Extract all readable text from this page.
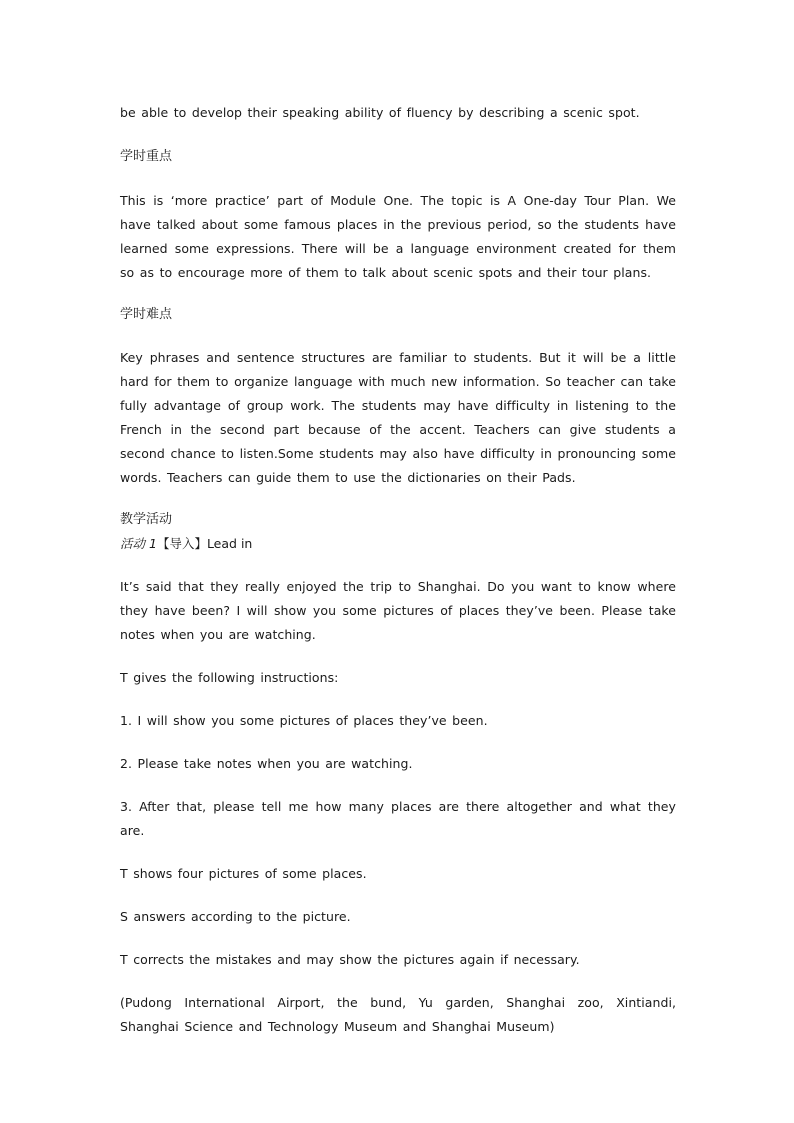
be able to develop their speaking ability of fluency by describing a scenic spot.

学时重点

This is ‘more practice’ part of Module One. The topic is A One-day Tour Plan. We have talked about some famous places in the previous period, so the students have learned some expressions. There will be a language environment created for them so as to encourage more of them to talk about scenic spots and their tour plans.

学时难点

Key phrases and sentence structures are familiar to students. But it will be a little hard for them to organize language with much new information. So teacher can take fully advantage of group work. The students may have difficulty in listening to the French in the second part because of the accent. Teachers can give students a second chance to listen.Some students may also have difficulty in pronouncing some words. Teachers can guide them to use the dictionaries on their Pads.

教学活动

活动 1【导入】Lead in

It’s said that they really enjoyed the trip to Shanghai. Do you want to know where they have been? I will show you some pictures of places they’ve been. Please take notes when you are watching.

T gives the following instructions:

1. I will show you some pictures of places they’ve been.

2. Please take notes when you are watching.

3. After that, please tell me how many places are there altogether and what they are.

T shows four pictures of some places.

S answers according to the picture.

T corrects the mistakes and may show the pictures again if necessary.

(Pudong International Airport, the bund, Yu garden, Shanghai zoo, Xintiandi, Shanghai Science and Technology Museum and Shanghai Museum)
